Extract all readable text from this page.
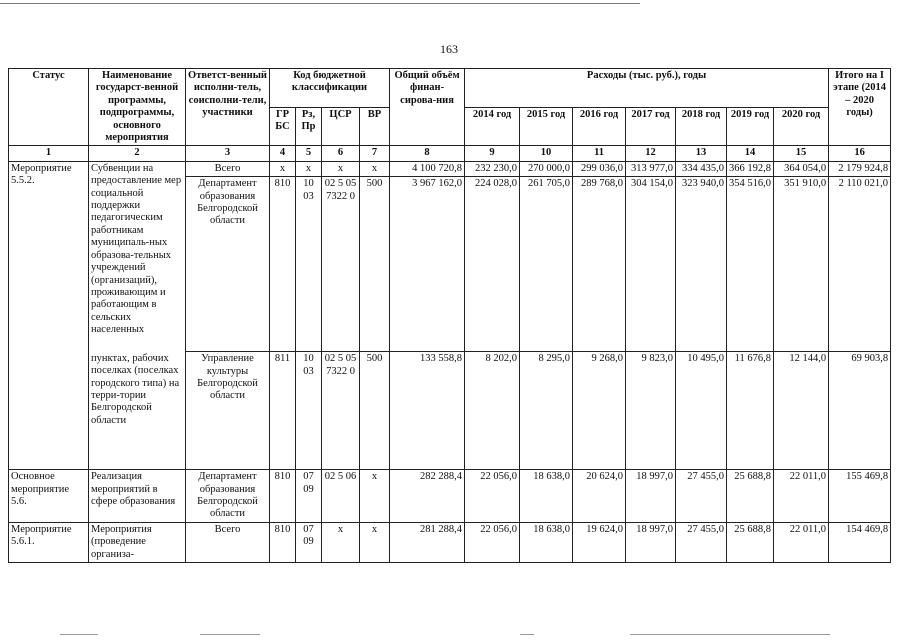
163
Статус	Наименование государст-венной программы, подпрограммы, основного мероприятия	Ответст-венный исполни-тель, соисполни-тели, участники	Код бюджетной классификации				Общий объём финан-сирова-ния	Расходы (тыс. руб.), годы							Итого на I этапе (2014 – 2020 годы)
			ГР БС	Рз, Пр	ЦСР	ВР		2014 год	2015 год	2016 год	2017 год	2018 год	2019 год	2020 год	
1	2	3	4	5	6	7	8	9	10	11	12	13	14	15	16
Мероприятие 5.5.2.	Субвенции на предоставление мер социальной поддержки педагогическим работникам муниципаль-ных образова-тельных учреждений (организаций), проживающим и работающим в сельских населенных	Всего	х	х	х	х	4 100 720,8	232 230,0	270 000,0	299 036,0	313 977,0	334 435,0	366 192,8	364 054,0	2 179 924,8
		Департамент образования Белгородской области	810	10 03	02 5 05 7322 0	500	3 967 162,0	224 028,0	261 705,0	289 768,0	304 154,0	323 940,0	354 516,0	351 910,0	2 110 021,0
	пунктах, рабочих поселках (поселках городского типа) на терри-тории Белгородской области	Управление культуры Белгородской области	811	10 03	02 5 05 7322 0	500	133 558,8	8 202,0	8 295,0	9 268,0	9 823,0	10 495,0	11 676,8	12 144,0	69 903,8
Основное мероприятие 5.6.	Реализация мероприятий в сфере образования	Департамент образования Белгородской области	810	07 09	02 5 06	х	282 288,4	22 056,0	18 638,0	20 624,0	18 997,0	27 455,0	25 688,8	22 011,0	155 469,8
Мероприятие 5.6.1.	Мероприятия (проведение организа-	Всего	810	07 09	х	х	281 288,4	22 056,0	18 638,0	19 624,0	18 997,0	27 455,0	25 688,8	22 011,0	154 469,8
